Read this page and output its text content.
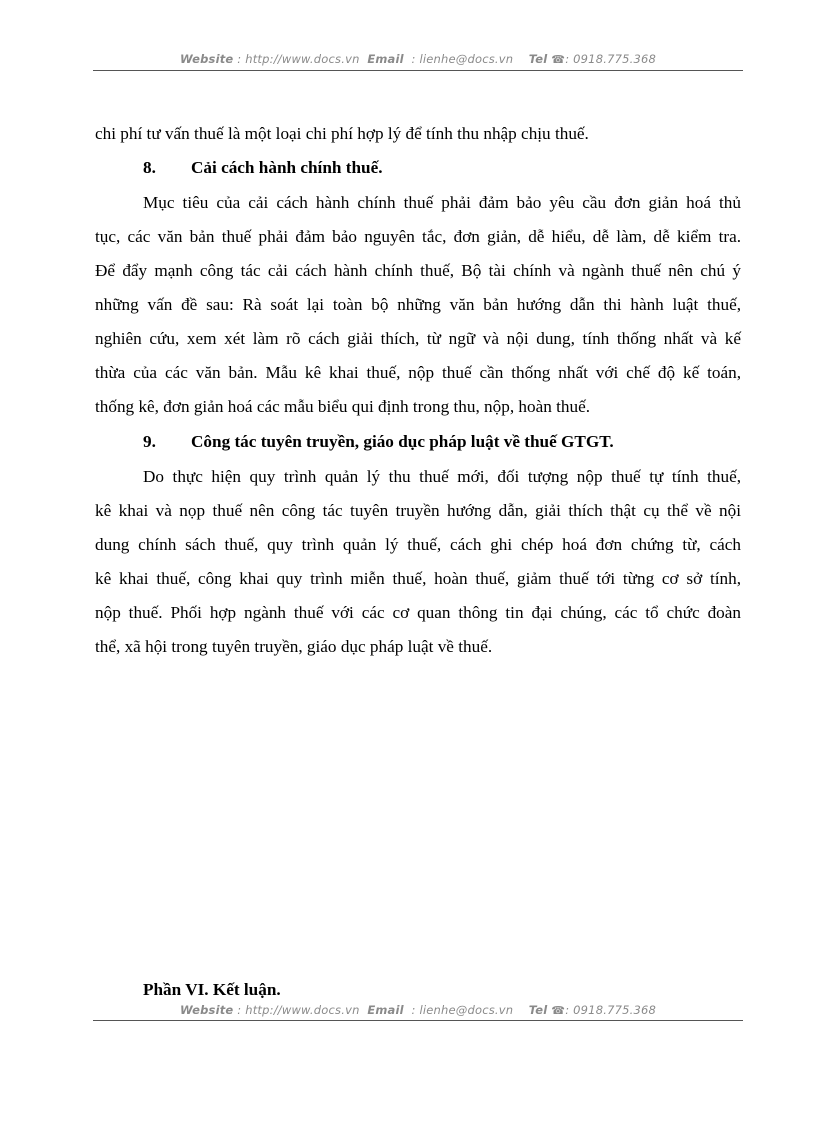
Website : http://www.docs.vn Email  : lienhe@docs.vn Tel ☎: 0918.775.368
chi phí tư vấn thuế là một loại chi phí hợp lý để tính thu nhập chịu thuế.
8. Cải cách hành chính thuế.
Mục tiêu của cải cách hành chính thuế phải đảm bảo yêu cầu đơn giản hoá thủ
tục, các văn bản thuế phải đảm bảo nguyên tắc, đơn giản, dễ hiểu, dễ làm, dễ kiểm tra.
Để đẩy mạnh công tác cải cách hành chính thuế, Bộ tài chính và ngành thuế nên chú ý
những vấn đề sau: Rà soát lại toàn bộ những văn bản hướng dẫn thi hành luật thuế,
nghiên cứu, xem xét làm rõ cách giải thích, từ ngữ và nội dung, tính thống nhất và kế
thừa của các văn bản. Mẫu kê khai thuế, nộp thuế cần thống nhất với chế độ kế toán,
thống kê, đơn giản hoá các mẫu biểu qui định trong thu, nộp, hoàn thuế.
9. Công tác tuyên truyền, giáo dục pháp luật về thuế GTGT.
Do thực hiện quy trình quản lý thu thuế mới, đối tượng nộp thuế tự tính thuế,
kê khai và nọp thuế nên công tác tuyên truyền hướng dẫn, giải thích thật cụ thể về nội
dung chính sách thuế, quy trình quản lý thuế, cách ghi chép hoá đơn chứng từ, cách
kê khai thuế, công khai quy trình miễn thuế, hoàn thuế, giảm thuế tới từng cơ sở tính,
nộp thuế. Phối hợp ngành thuế với các cơ quan thông tin đại chúng, các tổ chức đoàn
thể, xã hội trong tuyên truyền, giáo dục pháp luật về thuế.
Phần VI. Kết luận.
Website : http://www.docs.vn Email  : lienhe@docs.vn Tel ☎: 0918.775.368
